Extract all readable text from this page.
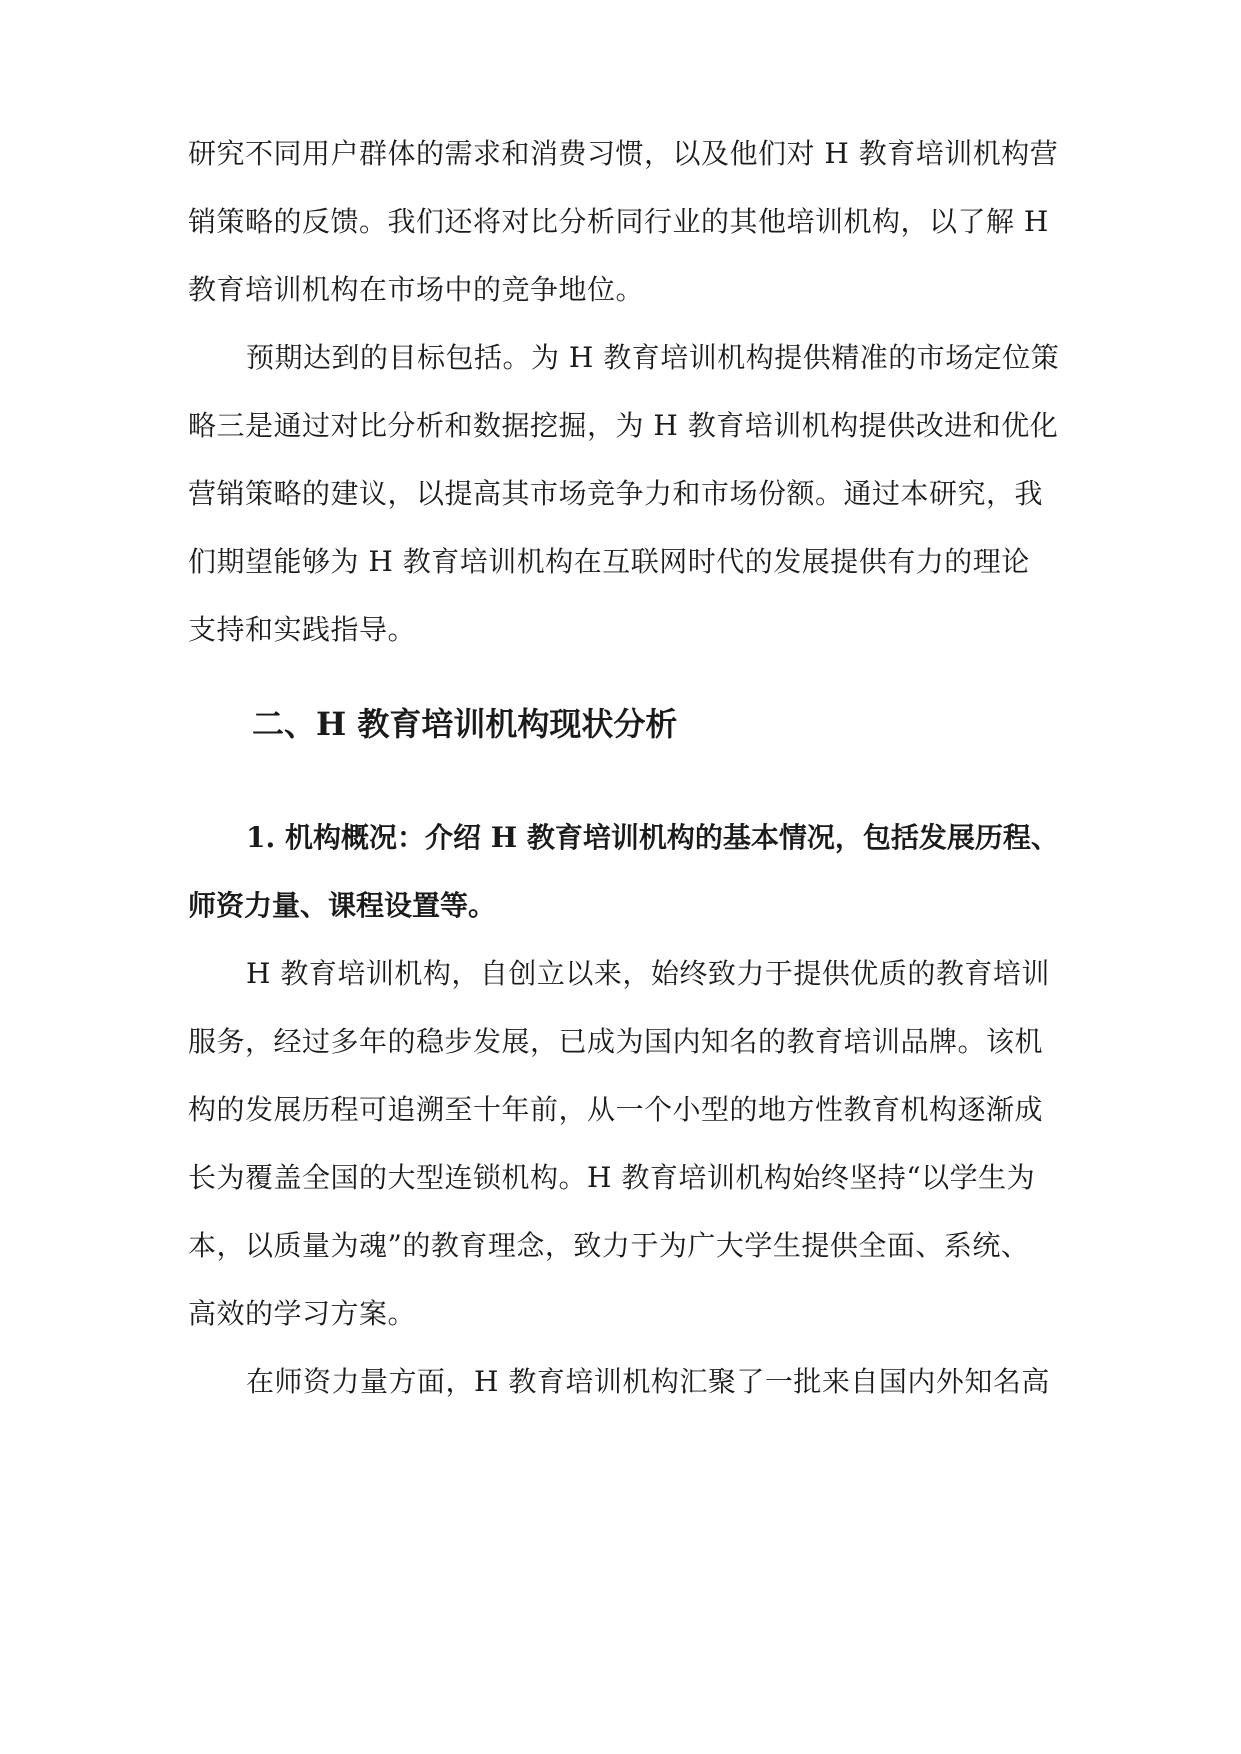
研究不同用户群体的需求和消费习惯，以及他们对 H 教育培训机构营
销策略的反馈。我们还将对比分析同行业的其他培训机构，以了解 H
教育培训机构在市场中的竞争地位。
预期达到的目标包括。为 H 教育培训机构提供精准的市场定位策
略三是通过对比分析和数据挖掘，为 H 教育培训机构提供改进和优化
营销策略的建议，以提高其市场竞争力和市场份额。通过本研究，我
们期望能够为 H 教育培训机构在互联网时代的发展提供有力的理论
支持和实践指导。
二、H 教育培训机构现状分析
1. 机构概况：介绍 H 教育培训机构的基本情况，包括发展历程、
师资力量、课程设置等。
H 教育培训机构，自创立以来，始终致力于提供优质的教育培训
服务，经过多年的稳步发展，已成为国内知名的教育培训品牌。该机
构的发展历程可追溯至十年前，从一个小型的地方性教育机构逐渐成
长为覆盖全国的大型连锁机构。H 教育培训机构始终坚持“以学生为
本，以质量为魂”的教育理念，致力于为广大学生提供全面、系统、
高效的学习方案。
在师资力量方面，H 教育培训机构汇聚了一批来自国内外知名高
